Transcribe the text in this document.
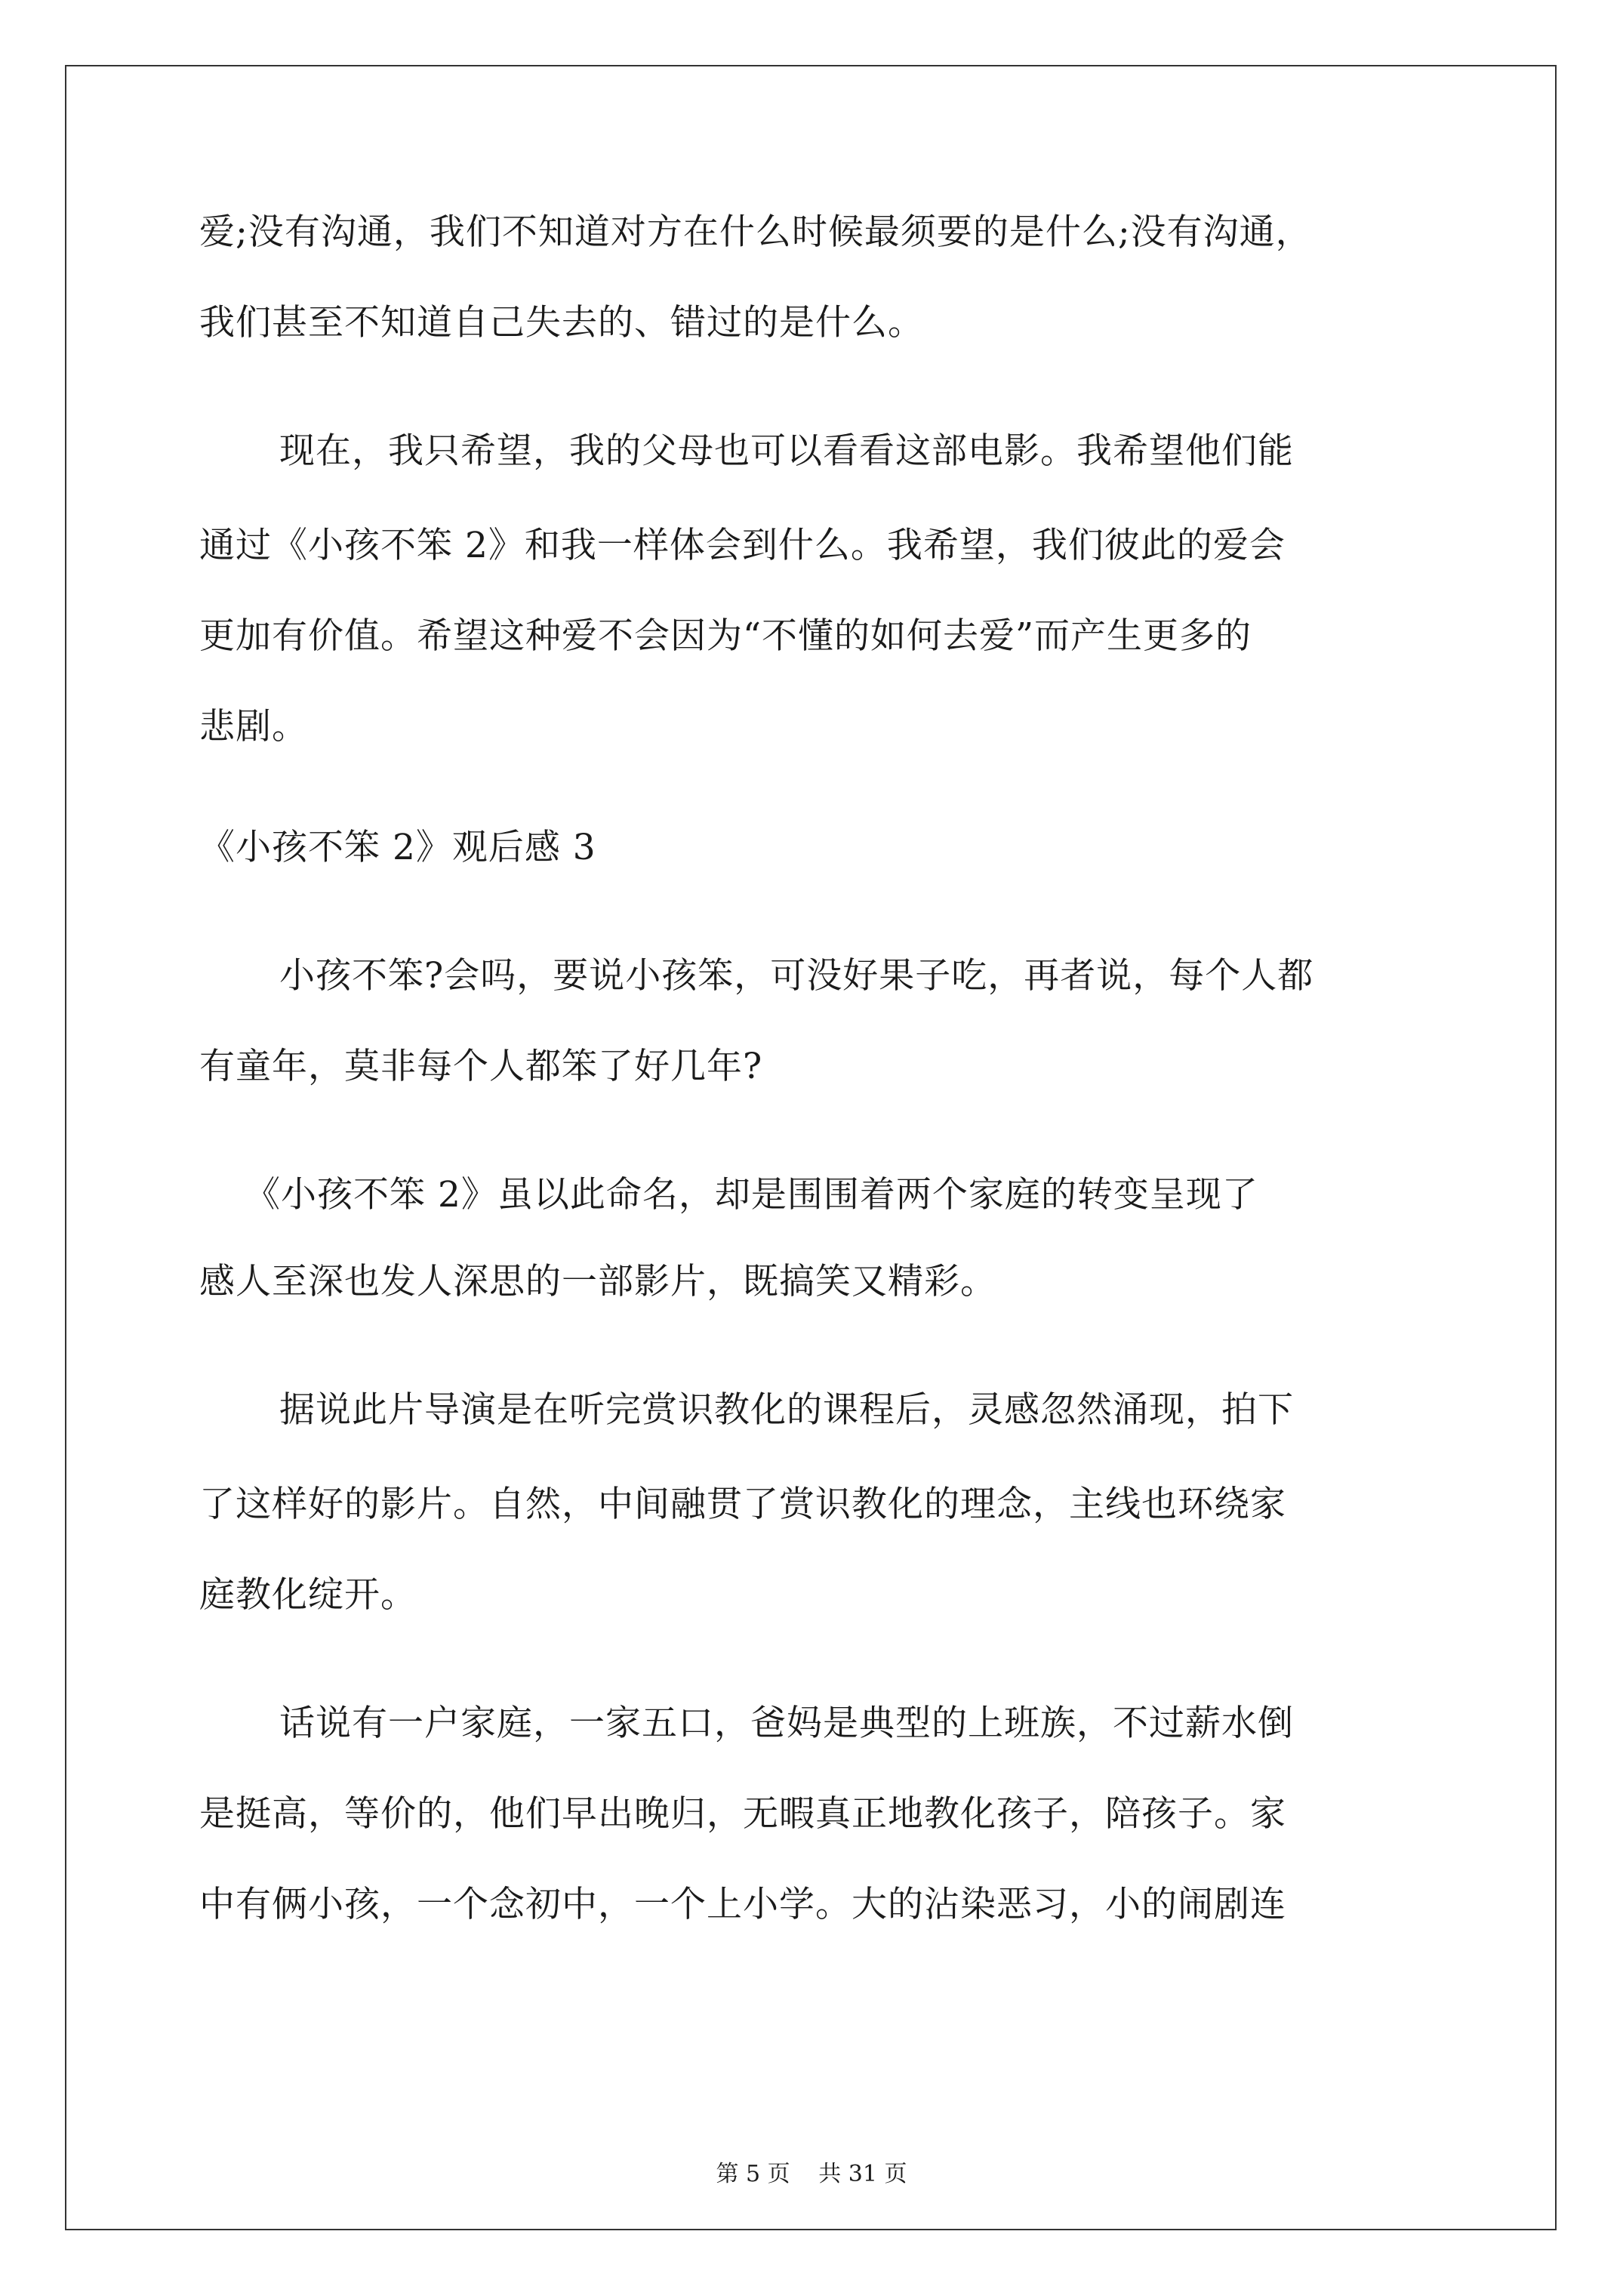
爱;没有沟通，我们不知道对方在什么时候最须要的是什么;没有沟通，
我们甚至不知道自己失去的、错过的是什么。
现在，我只希望，我的父母也可以看看这部电影。我希望他们能
通过《小孩不笨 2》和我一样体会到什么。我希望，我们彼此的爱会
更加有价值。希望这种爱不会因为“不懂的如何去爱”而产生更多的
悲剧。
《小孩不笨 2》观后感 3
小孩不笨?会吗，要说小孩笨，可没好果子吃，再者说，每个人都
有童年，莫非每个人都笨了好几年?
《小孩不笨 2》虽以此命名，却是围围着两个家庭的转变呈现了
感人至深也发人深思的一部影片，既搞笑又精彩。
据说此片导演是在听完赏识教化的课程后，灵感忽然涌现，拍下
了这样好的影片。自然，中间融贯了赏识教化的理念，主线也环绕家
庭教化绽开。
话说有一户家庭，一家五口，爸妈是典型的上班族，不过薪水倒
是挺高，等价的，他们早出晚归，无暇真正地教化孩子，陪孩子。家
中有俩小孩，一个念初中，一个上小学。大的沾染恶习，小的闹剧连
第 5 页 共 31 页
